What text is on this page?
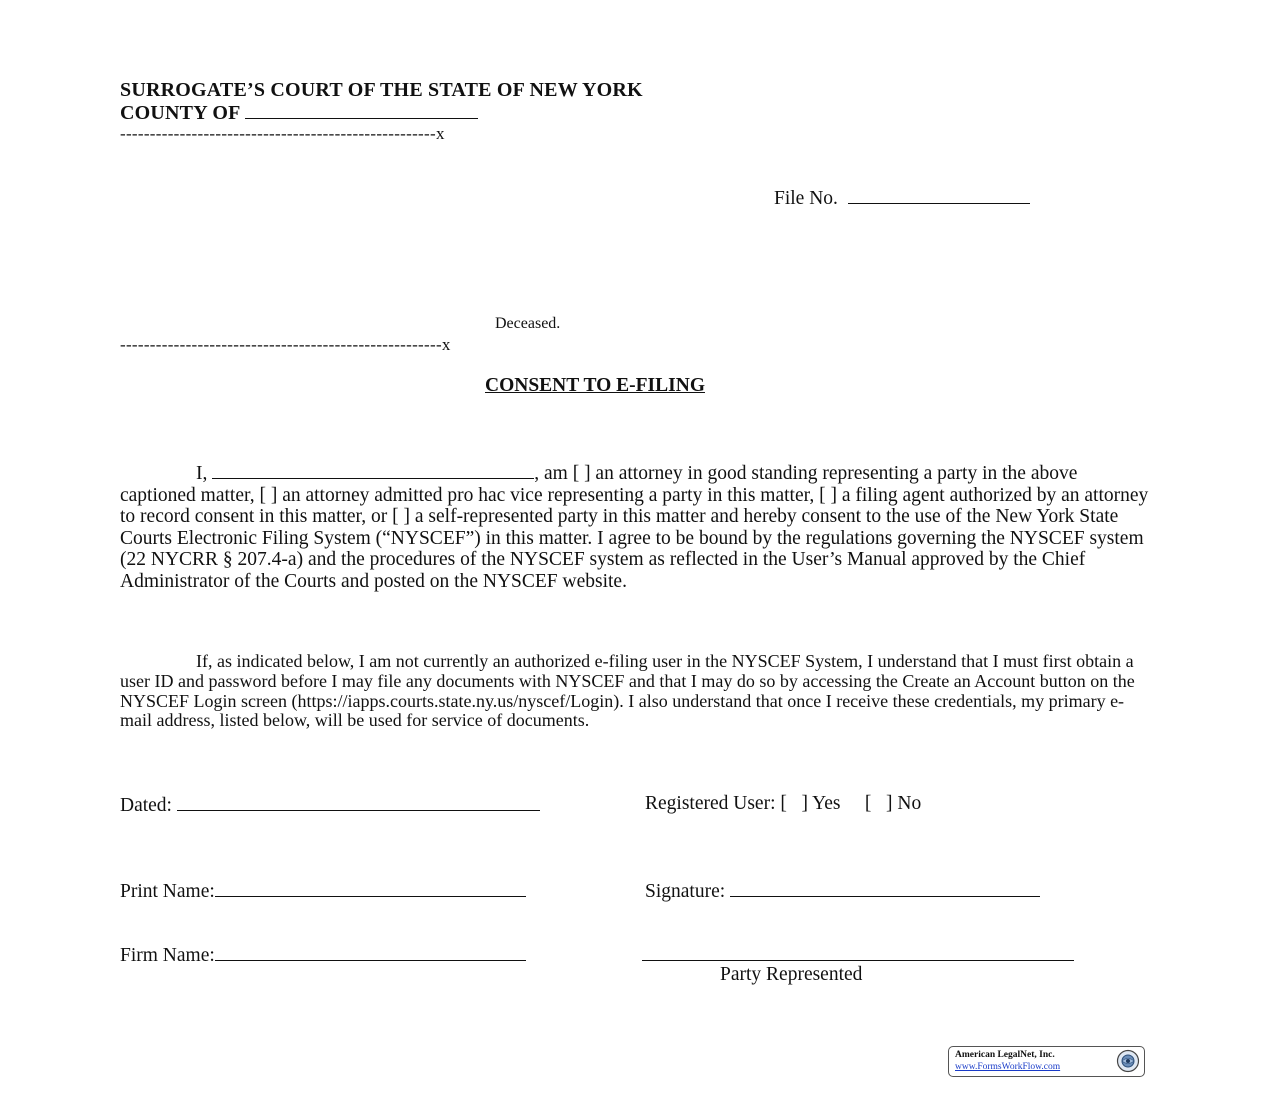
SURROGATE’S COURT OF THE STATE OF NEW YORK
COUNTY OF
-----------------------------------------------------x
File No.
Deceased.
------------------------------------------------------x
CONSENT TO E-FILING
I,	, am [ ] an attorney in good standing representing a party in the above captioned matter, [ ] an attorney admitted pro hac vice representing a party in this matter, [ ] a filing agent authorized by an attorney to record consent in this matter, or [ ] a self-represented party in this matter and hereby consent to the use of the New York State Courts Electronic Filing System (“NYSCEF”) in this matter. I agree to be bound by the regulations governing the NYSCEF system (22 NYCRR § 207.4-a) and the procedures of the NYSCEF system as reflected in the User’s Manual approved by the Chief Administrator of the Courts and posted on the NYSCEF website.
If, as indicated below, I am not currently an authorized e-filing user in the NYSCEF System, I understand that I must first obtain a user ID and password before I may file any documents with NYSCEF and that I may do so by accessing the Create an Account button on the NYSCEF Login screen (https://iapps.courts.state.ny.us/nyscef/Login). I also understand that once I receive these credentials, my primary e-mail address, listed below, will be used for service of documents.
Dated:	Registered User: [   ] Yes     [   ] No
Print Name:	Signature:
Firm Name:
Party Represented
American LegalNet, Inc.
www.FormsWorkFlow.com
